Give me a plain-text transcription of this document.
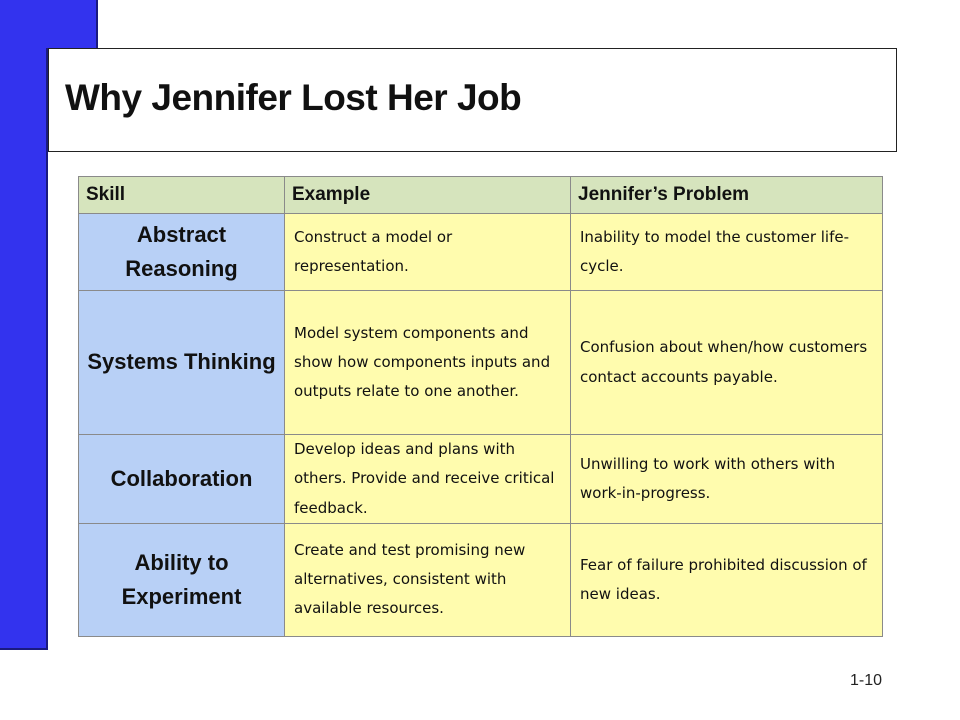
Why Jennifer Lost Her Job
Skill	Example	Jennifer’s Problem
Abstract Reasoning	Construct a model or representation.	Inability to model the customer life-cycle.
Systems Thinking	Model system components and show how components inputs and outputs relate to one another.	Confusion about when/how customers contact accounts payable.
Collaboration	Develop ideas and plans with others. Provide and receive critical feedback.	Unwilling to work with others with work-in-progress.
Ability to Experiment	Create and test promising new alternatives, consistent with available resources.	Fear of failure prohibited discussion of new ideas.
1-10
